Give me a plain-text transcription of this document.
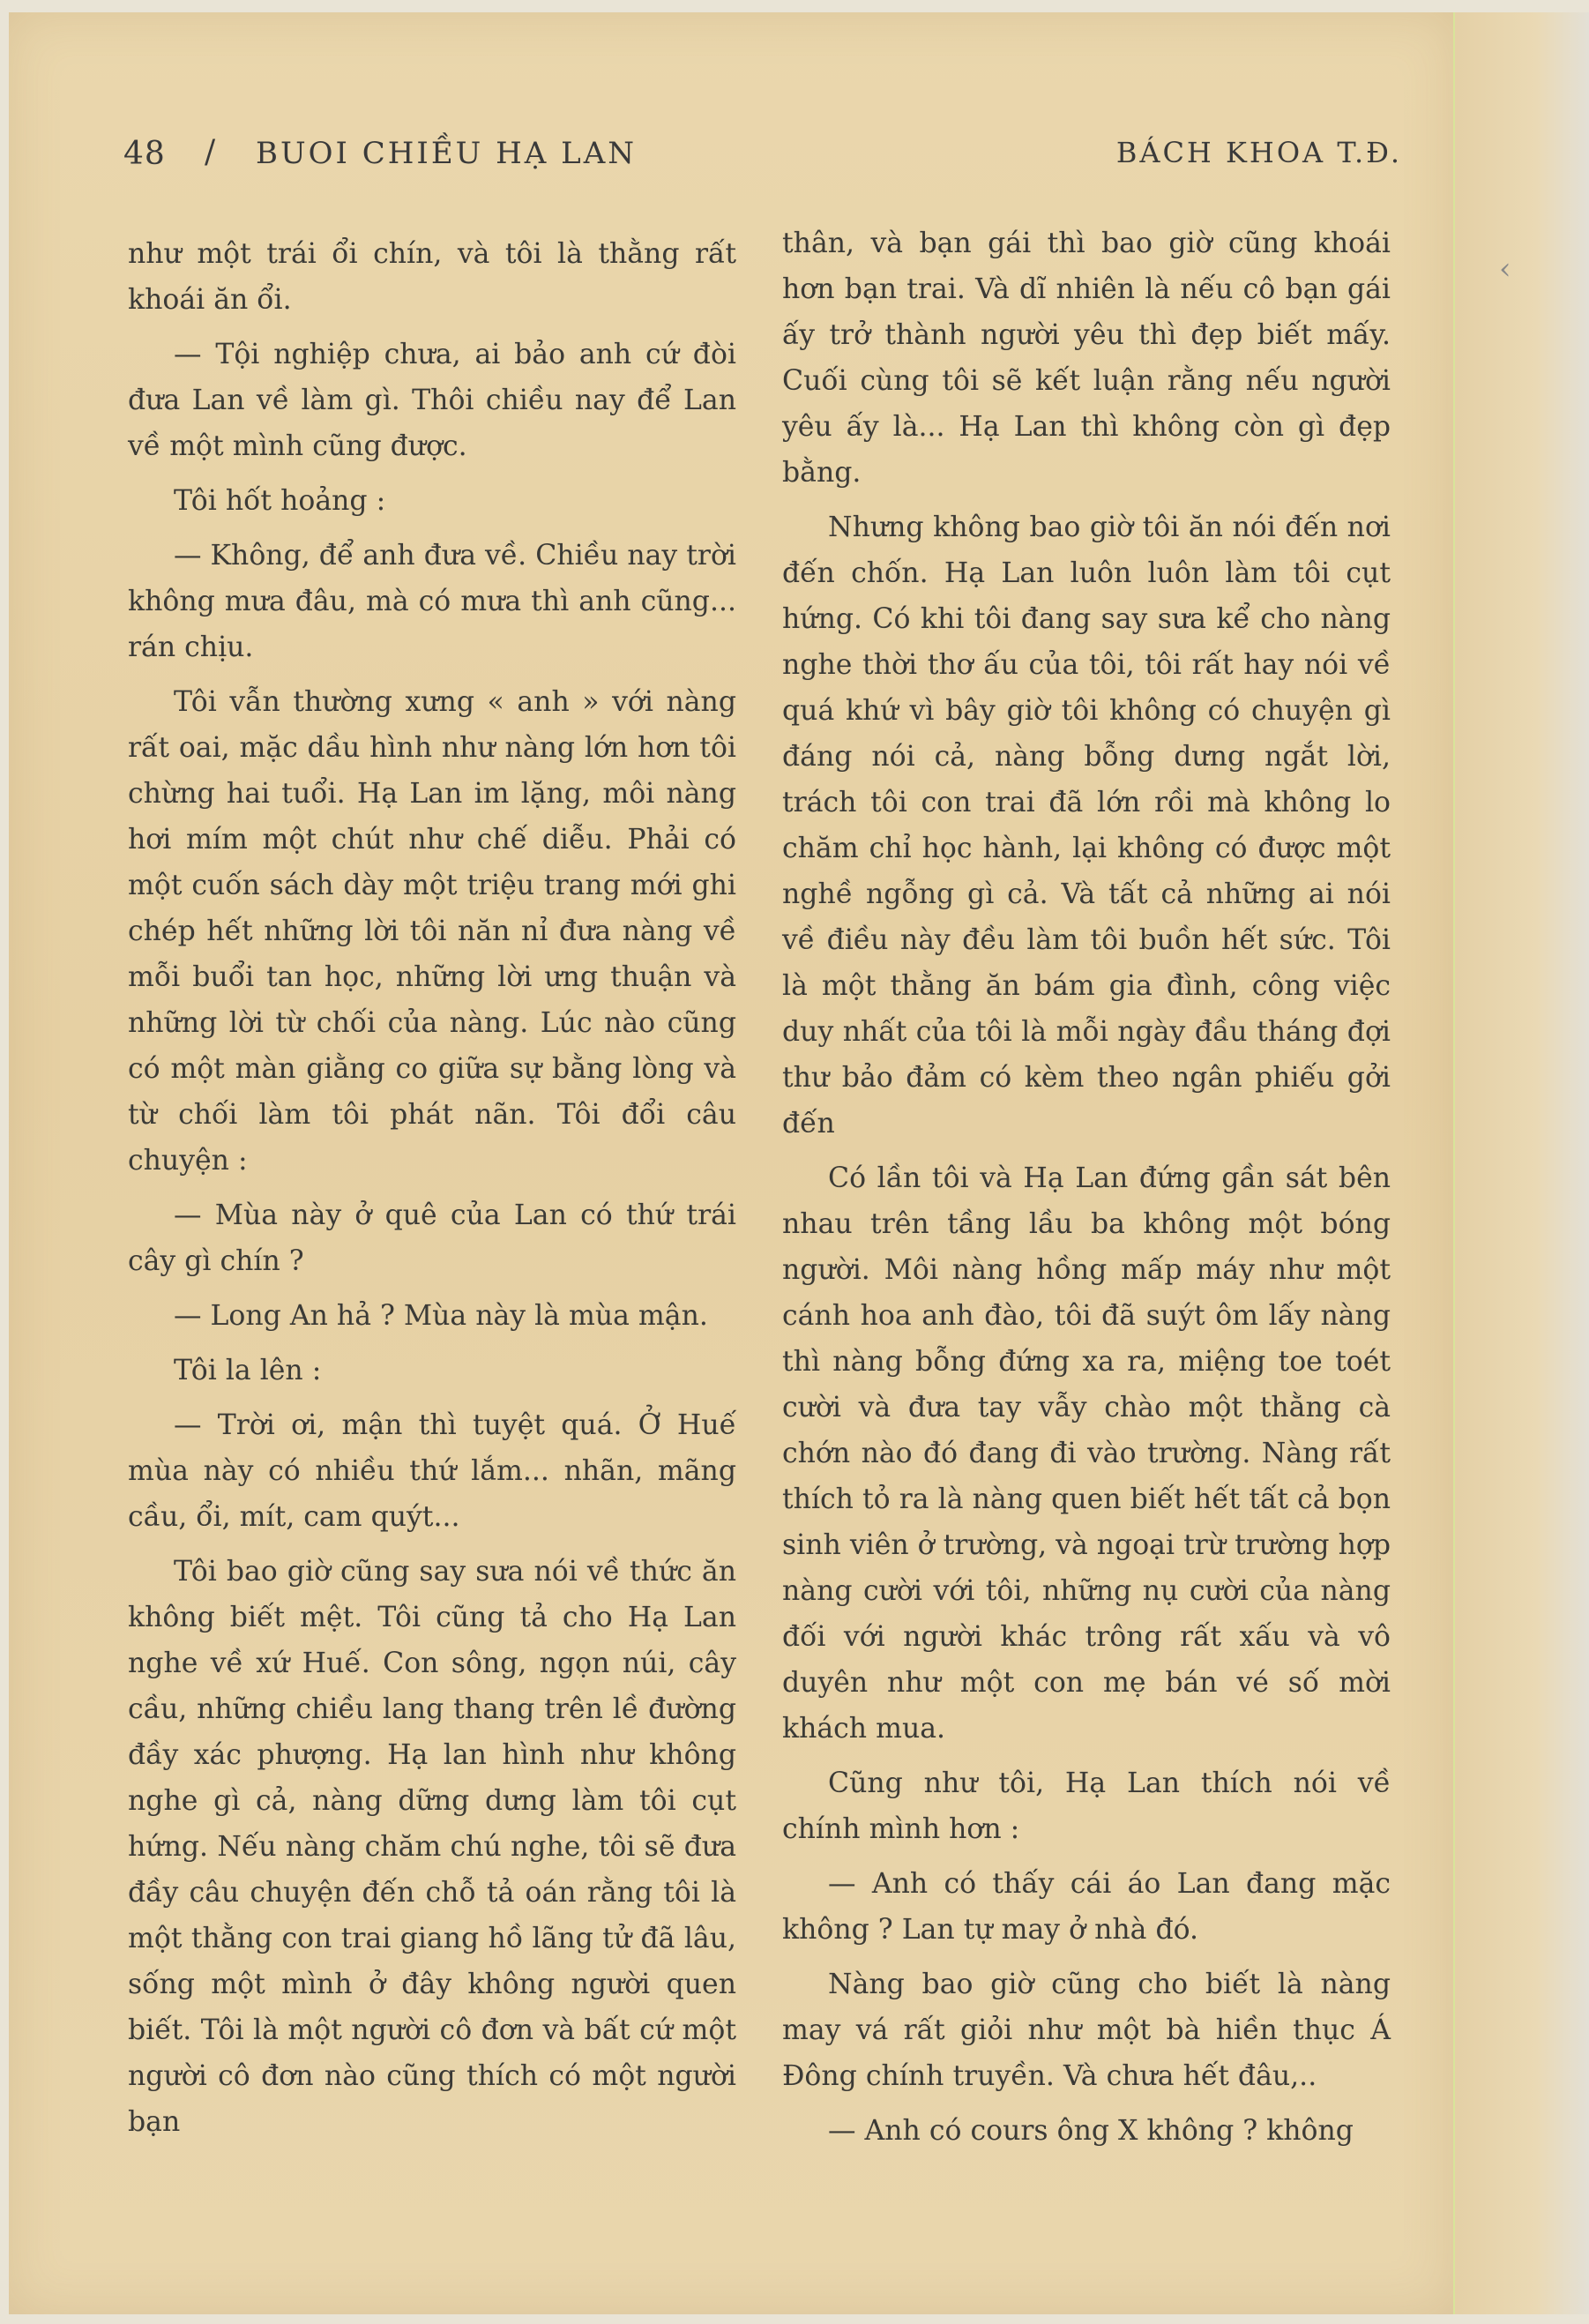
‹
48 / BUOI CHIỀU HẠ LAN	BÁCH KHOA T.Đ.

như một trái ổi chín, và tôi là thằng rất khoái ăn ổi.

— Tội nghiệp chưa, ai bảo anh cứ đòi đưa Lan về làm gì. Thôi chiều nay để Lan về một mình cũng được.

Tôi hốt hoảng :

— Không, để anh đưa về. Chiều nay trời không mưa đâu, mà có mưa thì anh cũng... rán chịu.

Tôi vẫn thường xưng « anh » với nàng rất oai, mặc dầu hình như nàng lớn hơn tôi chừng hai tuổi. Hạ Lan im lặng, môi nàng hơi mím một chút như chế diễu. Phải có một cuốn sách dày một triệu trang mới ghi chép hết những lời tôi năn nỉ đưa nàng về mỗi buổi tan học, những lời ưng thuận và những lời từ chối của nàng. Lúc nào cũng có một màn giằng co giữa sự bằng lòng và từ chối làm tôi phát nãn. Tôi đổi câu chuyện :

— Mùa này ở quê của Lan có thứ trái cây gì chín ?

— Long An hả ? Mùa này là mùa mận.

Tôi la lên :

— Trời ơi, mận thì tuyệt quá. Ở Huế mùa này có nhiều thứ lắm... nhãn, mãng cầu, ổi, mít, cam quýt...

Tôi bao giờ cũng say sưa nói về thức ăn không biết mệt. Tôi cũng tả cho Hạ Lan nghe về xứ Huế. Con sông, ngọn núi, cây cầu, những chiều lang thang trên lề đường đầy xác phượng. Hạ lan hình như không nghe gì cả, nàng dững dưng làm tôi cụt hứng. Nếu nàng chăm chú nghe, tôi sẽ đưa đầy câu chuyện đến chỗ tả oán rằng tôi là một thằng con trai giang hồ lãng tử đã lâu, sống một mình ở đây không người quen biết. Tôi là một người cô đơn và bất cứ một người cô đơn nào cũng thích có một người bạn

thân, và bạn gái thì bao giờ cũng khoái hơn bạn trai. Và dĩ nhiên là nếu cô bạn gái ấy trở thành người yêu thì đẹp biết mấy. Cuối cùng tôi sẽ kết luận rằng nếu người yêu ấy là... Hạ Lan thì không còn gì đẹp bằng.

Nhưng không bao giờ tôi ăn nói đến nơi đến chốn. Hạ Lan luôn luôn làm tôi cụt hứng. Có khi tôi đang say sưa kể cho nàng nghe thời thơ ấu của tôi, tôi rất hay nói về quá khứ vì bây giờ tôi không có chuyện gì đáng nói cả, nàng bỗng dưng ngắt lời, trách tôi con trai đã lớn rồi mà không lo chăm chỉ học hành, lại không có được một nghề ngỗng gì cả. Và tất cả những ai nói về điều này đều làm tôi buồn hết sức. Tôi là một thằng ăn bám gia đình, công việc duy nhất của tôi là mỗi ngày đầu tháng đợi thư bảo đảm có kèm theo ngân phiếu gởi đến

Có lần tôi và Hạ Lan đứng gần sát bên nhau trên tầng lầu ba không một bóng người. Môi nàng hồng mấp máy như một cánh hoa anh đào, tôi đã suýt ôm lấy nàng thì nàng bỗng đứng xa ra, miệng toe toét cười và đưa tay vẫy chào một thằng cà chớn nào đó đang đi vào trường. Nàng rất thích tỏ ra là nàng quen biết hết tất cả bọn sinh viên ở trường, và ngoại trừ trường hợp nàng cười với tôi, những nụ cười của nàng đối với người khác trông rất xấu và vô duyên như một con mẹ bán vé số mời khách mua.

Cũng như tôi, Hạ Lan thích nói về chính mình hơn :

— Anh có thấy cái áo Lan đang mặc không ? Lan tự may ở nhà đó.

Nàng bao giờ cũng cho biết là nàng may vá rất giỏi như một bà hiền thục Á Đông chính truyền. Và chưa hết đâu,..

— Anh có cours ông X không ? không
